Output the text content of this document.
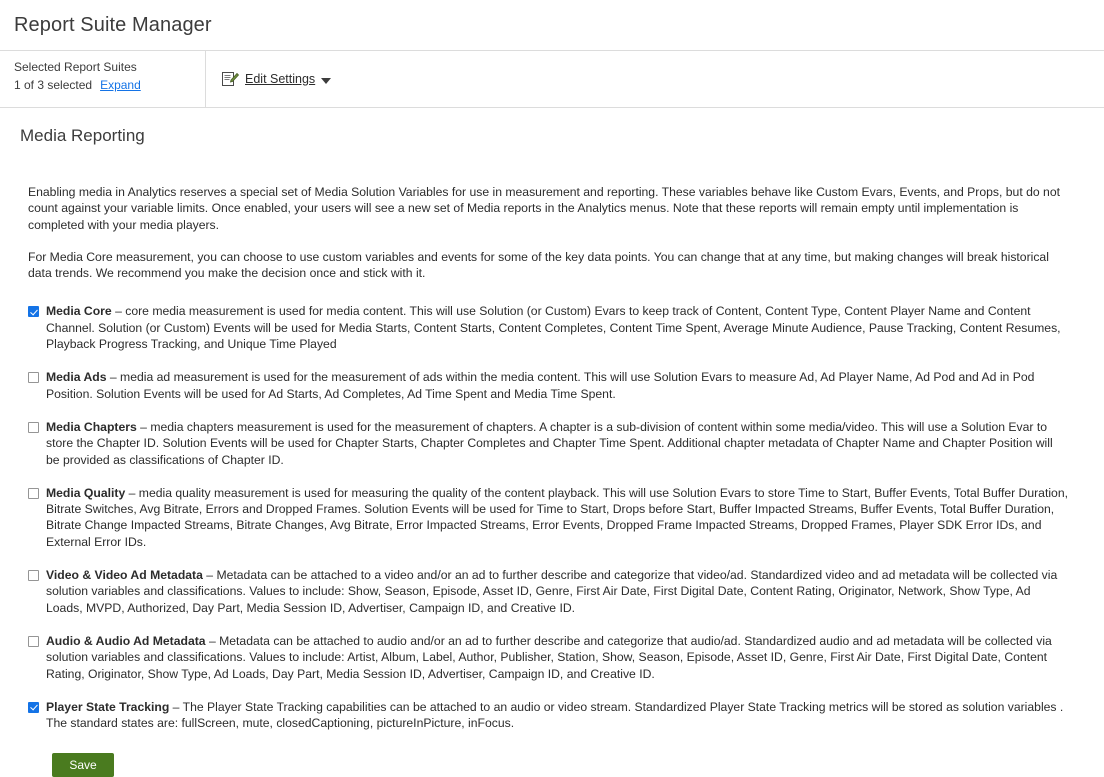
Report Suite Manager
Selected Report Suites
1 of 3 selected Expand	Edit Settings
Media Reporting

Enabling media in Analytics reserves a special set of Media Solution Variables for use in measurement and reporting. These variables behave like Custom Evars, Events, and Props, but do not count against your variable limits. Once enabled, your users will see a new set of Media reports in the Analytics menus. Note that these reports will remain empty until implementation is completed with your media players.

For Media Core measurement, you can choose to use custom variables and events for some of the key data points. You can change that at any time, but making changes will break historical data trends. We recommend you make the decision once and stick with it.

Media Core – core media measurement is used for media content. This will use Solution (or Custom) Evars to keep track of Content, Content Type, Content Player Name and Content Channel. Solution (or Custom) Events will be used for Media Starts, Content Starts, Content Completes, Content Time Spent, Average Minute Audience, Pause Tracking, Content Resumes, Playback Progress Tracking, and Unique Time Played
Media Ads – media ad measurement is used for the measurement of ads within the media content. This will use Solution Evars to measure Ad, Ad Player Name, Ad Pod and Ad in Pod Position. Solution Events will be used for Ad Starts, Ad Completes, Ad Time Spent and Media Time Spent.
Media Chapters – media chapters measurement is used for the measurement of chapters. A chapter is a sub-division of content within some media/video. This will use a Solution Evar to store the Chapter ID. Solution Events will be used for Chapter Starts, Chapter Completes and Chapter Time Spent. Additional chapter metadata of Chapter Name and Chapter Position will be provided as classifications of Chapter ID.
Media Quality – media quality measurement is used for measuring the quality of the content playback. This will use Solution Evars to store Time to Start, Buffer Events, Total Buffer Duration, Bitrate Switches, Avg Bitrate, Errors and Dropped Frames. Solution Events will be used for Time to Start, Drops before Start, Buffer Impacted Streams, Buffer Events, Total Buffer Duration, Bitrate Change Impacted Streams, Bitrate Changes, Avg Bitrate, Error Impacted Streams, Error Events, Dropped Frame Impacted Streams, Dropped Frames, Player SDK Error IDs, and External Error IDs.
Video & Video Ad Metadata – Metadata can be attached to a video and/or an ad to further describe and categorize that video/ad. Standardized video and ad metadata will be collected via solution variables and classifications. Values to include: Show, Season, Episode, Asset ID, Genre, First Air Date, First Digital Date, Content Rating, Originator, Network, Show Type, Ad Loads, MVPD, Authorized, Day Part, Media Session ID, Advertiser, Campaign ID, and Creative ID.
Audio & Audio Ad Metadata – Metadata can be attached to audio and/or an ad to further describe and categorize that audio/ad. Standardized audio and ad metadata will be collected via solution variables and classifications. Values to include: Artist, Album, Label, Author, Publisher, Station, Show, Season, Episode, Asset ID, Genre, First Air Date, First Digital Date, Content Rating, Originator, Show Type, Ad Loads, Day Part, Media Session ID, Advertiser, Campaign ID, and Creative ID.
Player State Tracking – The Player State Tracking capabilities can be attached to an audio or video stream. Standardized Player State Tracking metrics will be stored as solution variables . The standard states are: fullScreen, mute, closedCaptioning, pictureInPicture, inFocus.
Save
